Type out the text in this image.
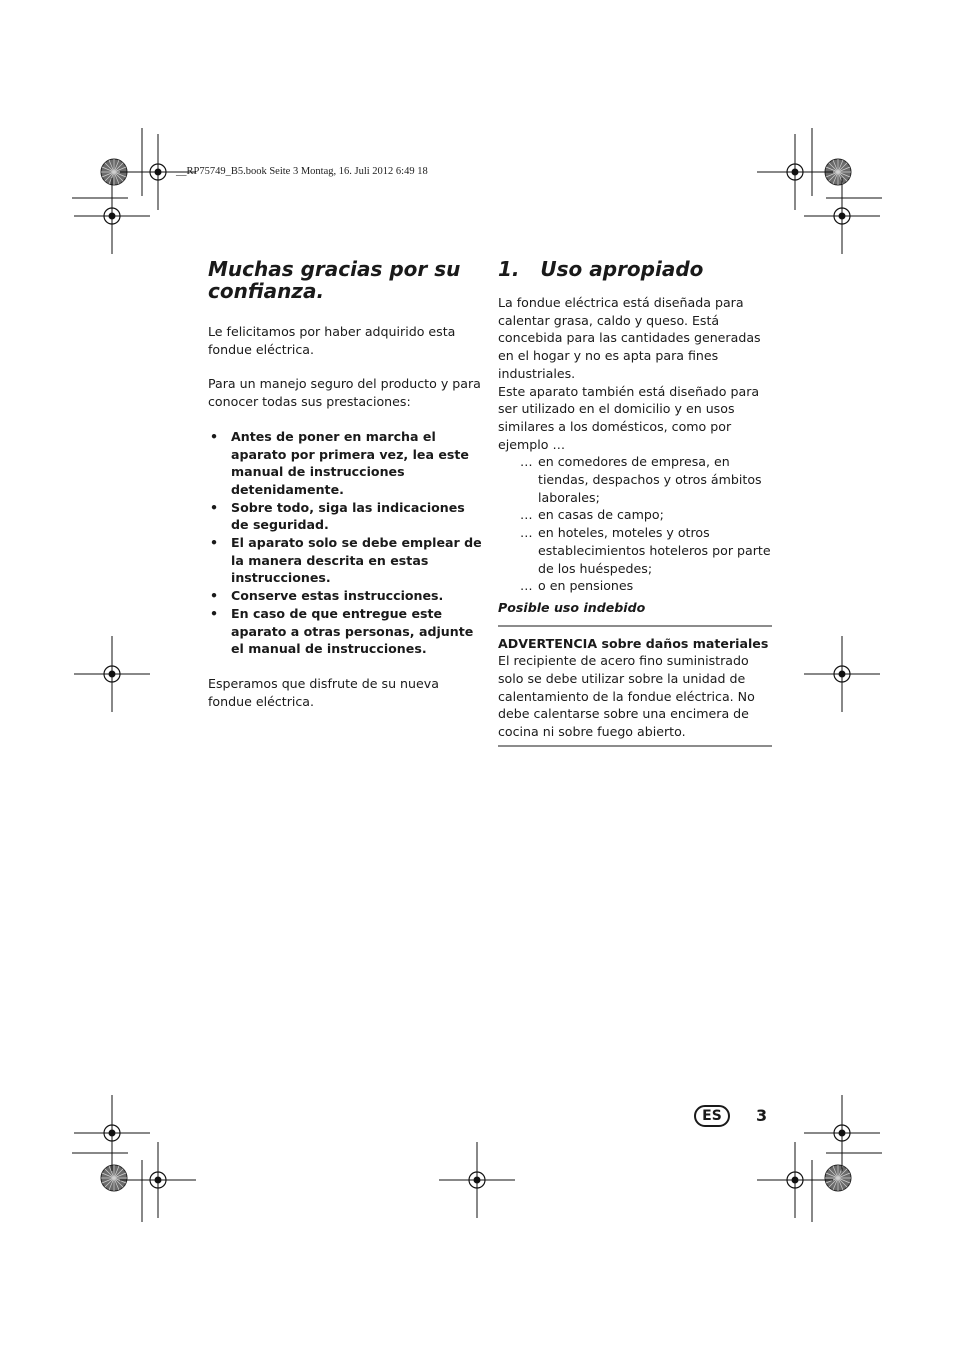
__RP75749_B5.book Seite 3 Montag, 16. Juli 2012 6:49 18
Muchas gracias por su confianza.

Le felicitamos por haber adquirido esta fondue eléctrica.

Para un manejo seguro del producto y para conocer todas sus prestaciones:

• Antes de poner en marcha el aparato por primera vez, lea este manual de instrucciones detenidamente.
• Sobre todo, siga las indicaciones de seguridad.
• El aparato solo se debe emplear de la manera descrita en estas instrucciones.
• Conserve estas instrucciones.
• En caso de que entregue este aparato a otras personas, adjunte el manual de instrucciones.

Esperamos que disfrute de su nueva fondue eléctrica.

1.   Uso apropiado

La fondue eléctrica está diseñada para calentar grasa, caldo y queso. Está concebida para las cantidades generadas en el hogar y no es apta para fines industriales.

Este aparato también está diseñado para ser utilizado en el domicilio y en usos similares a los domésticos, como por ejemplo …

… en comedores de empresa, en tiendas, despachos y otros ámbitos laborales;
… en casas de campo;
… en hoteles, moteles y otros establecimientos hoteleros por parte de los huéspedes;
… o en pensiones
Posible uso indebido
ADVERTENCIA sobre daños materiales

El recipiente de acero fino suministrado solo se debe utilizar sobre la unidad de calentamiento de la fondue eléctrica. No debe calentarse sobre una encimera de cocina ni sobre fuego abierto.

ES	3
